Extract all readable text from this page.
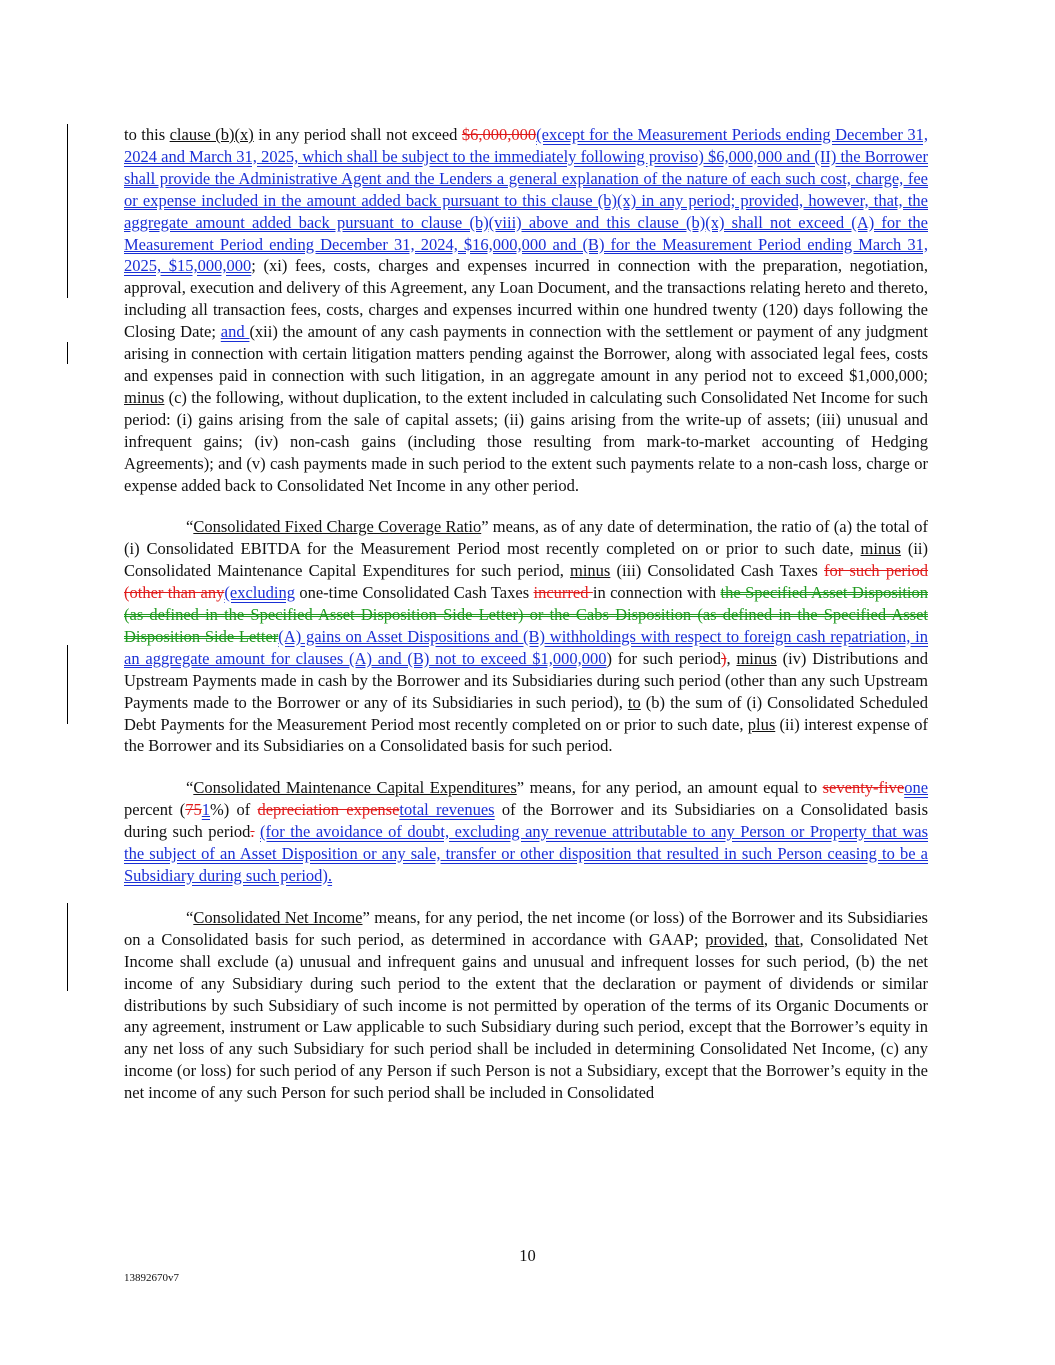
to this clause (b)(x) in any period shall not exceed $6,000,000(except for the Measurement Periods ending December 31, 2024 and March 31, 2025, which shall be subject to the immediately following proviso) $6,000,000 and (II) the Borrower shall provide the Administrative Agent and the Lenders a general explanation of the nature of each such cost, charge, fee or expense included in the amount added back pursuant to this clause (b)(x) in any period; provided, however, that, the aggregate amount added back pursuant to clause (b)(viii) above and this clause (b)(x) shall not exceed (A) for the Measurement Period ending December 31, 2024, $16,000,000 and (B) for the Measurement Period ending March 31, 2025, $15,000,000; (xi) fees, costs, charges and expenses incurred in connection with the preparation, negotiation, approval, execution and delivery of this Agreement, any Loan Document, and the transactions relating hereto and thereto, including all transaction fees, costs, charges and expenses incurred within one hundred twenty (120) days following the Closing Date; and (xii) the amount of any cash payments in connection with the settlement or payment of any judgment arising in connection with certain litigation matters pending against the Borrower, along with associated legal fees, costs and expenses paid in connection with such litigation, in an aggregate amount in any period not to exceed $1,000,000; minus (c) the following, without duplication, to the extent included in calculating such Consolidated Net Income for such period: (i) gains arising from the sale of capital assets; (ii) gains arising from the write-up of assets; (iii) unusual and infrequent gains; (iv) non-cash gains (including those resulting from mark-to-market accounting of Hedging Agreements); and (v) cash payments made in such period to the extent such payments relate to a non-cash loss, charge or expense added back to Consolidated Net Income in any other period.

“Consolidated Fixed Charge Coverage Ratio” means, as of any date of determination, the ratio of (a) the total of (i) Consolidated EBITDA for the Measurement Period most recently completed on or prior to such date, minus (ii) Consolidated Maintenance Capital Expenditures for such period, minus (iii) Consolidated Cash Taxes for such period (other than any(excluding one-time Consolidated Cash Taxes incurred in connection with the Specified Asset Disposition (as defined in the Specified Asset Disposition Side Letter) or the Cabs Disposition (as defined in the Specified Asset Disposition Side Letter(A) gains on Asset Dispositions and (B) withholdings with respect to foreign cash repatriation, in an aggregate amount for clauses (A) and (B) not to exceed $1,000,000) for such period), minus (iv) Distributions and Upstream Payments made in cash by the Borrower and its Subsidiaries during such period (other than any such Upstream Payments made to the Borrower or any of its Subsidiaries in such period), to (b) the sum of (i) Consolidated Scheduled Debt Payments for the Measurement Period most recently completed on or prior to such date, plus (ii) interest expense of the Borrower and its Subsidiaries on a Consolidated basis for such period.

“Consolidated Maintenance Capital Expenditures” means, for any period, an amount equal to seventy-fiveone percent (751%) of depreciation expensetotal revenues of the Borrower and its Subsidiaries on a Consolidated basis during such period. (for the avoidance of doubt, excluding any revenue attributable to any Person or Property that was the subject of an Asset Disposition or any sale, transfer or other disposition that resulted in such Person ceasing to be a Subsidiary during such period).

“Consolidated Net Income” means, for any period, the net income (or loss) of the Borrower and its Subsidiaries on a Consolidated basis for such period, as determined in accordance with GAAP; provided, that, Consolidated Net Income shall exclude (a) unusual and infrequent gains and unusual and infrequent losses for such period, (b) the net income of any Subsidiary during such period to the extent that the declaration or payment of dividends or similar distributions by such Subsidiary of such income is not permitted by operation of the terms of its Organic Documents or any agreement, instrument or Law applicable to such Subsidiary during such period, except that the Borrower’s equity in any net loss of any such Subsidiary for such period shall be included in determining Consolidated Net Income, (c) any income (or loss) for such period of any Person if such Person is not a Subsidiary, except that the Borrower’s equity in the net income of any such Person for such period shall be included in Consolidated

10
13892670v7
